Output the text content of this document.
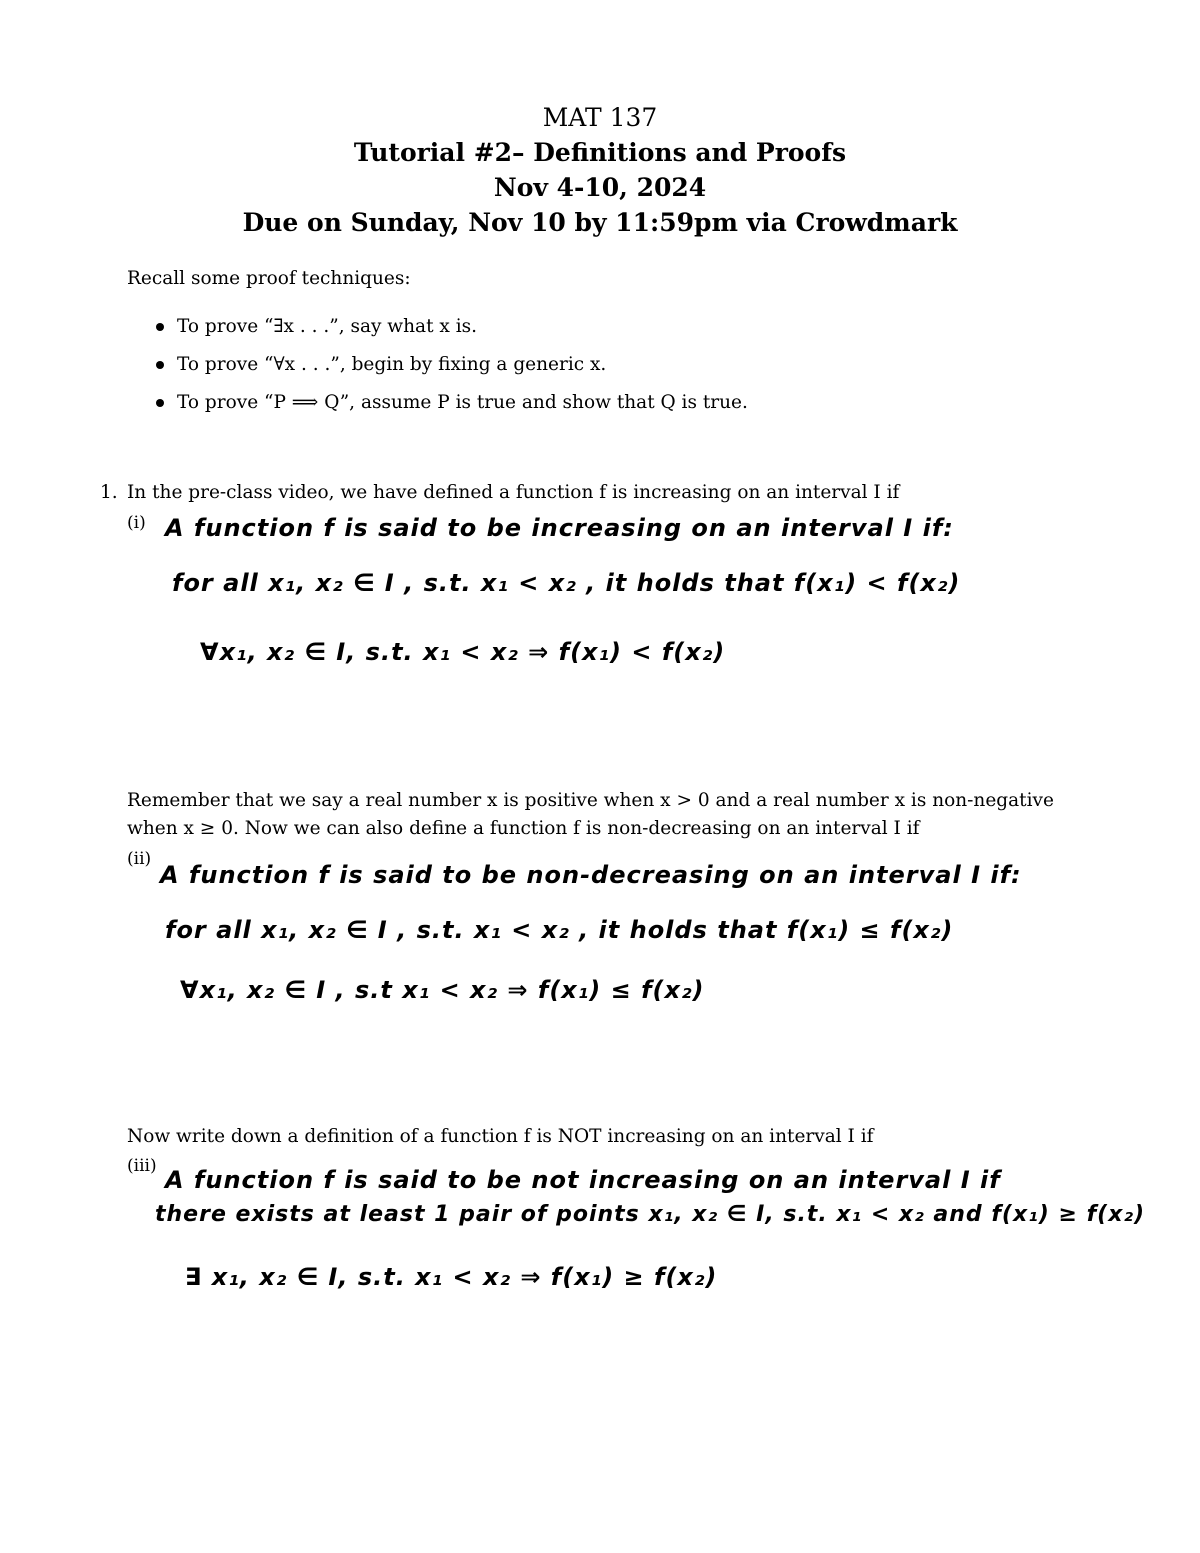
MAT 137
Tutorial #2– Definitions and Proofs
Nov 4-10, 2024
Due on Sunday, Nov 10 by 11:59pm via Crowdmark
Recall some proof techniques:
To prove “∃x . . .”, say what x is.
To prove “∀x . . .”, begin by fixing a generic x.
To prove “P ⟹ Q”, assume P is true and show that Q is true.
1. In the pre-class video, we have defined a function f is increasing on an interval I if
(i) A function f is said to be increasing on an interval I if:
for all x₁, x₂ ∈ I , s.t. x₁ < x₂ , it holds that f(x₁) < f(x₂)
∀x₁, x₂ ∈ I, s.t. x₁ < x₂ ⇒ f(x₁) < f(x₂)
Remember that we say a real number x is positive when x > 0 and a real number x is non-negative
when x ≥ 0. Now we can also define a function f is non-decreasing on an interval I if
(ii)
A function f is said to be non-decreasing on an interval I if:
for all x₁, x₂ ∈ I , s.t. x₁ < x₂ , it holds that f(x₁) ≤ f(x₂)
∀x₁, x₂ ∈ I , s.t x₁ < x₂ ⇒ f(x₁) ≤ f(x₂)
Now write down a definition of a function f is NOT increasing on an interval I if
(iii) A function f is said to be not increasing on an interval I if
there exists at least 1 pair of points x₁, x₂ ∈ I, s.t. x₁ < x₂ and f(x₁) ≥ f(x₂)
∃ x₁, x₂ ∈ I, s.t. x₁ < x₂ ⇒ f(x₁) ≥ f(x₂)
